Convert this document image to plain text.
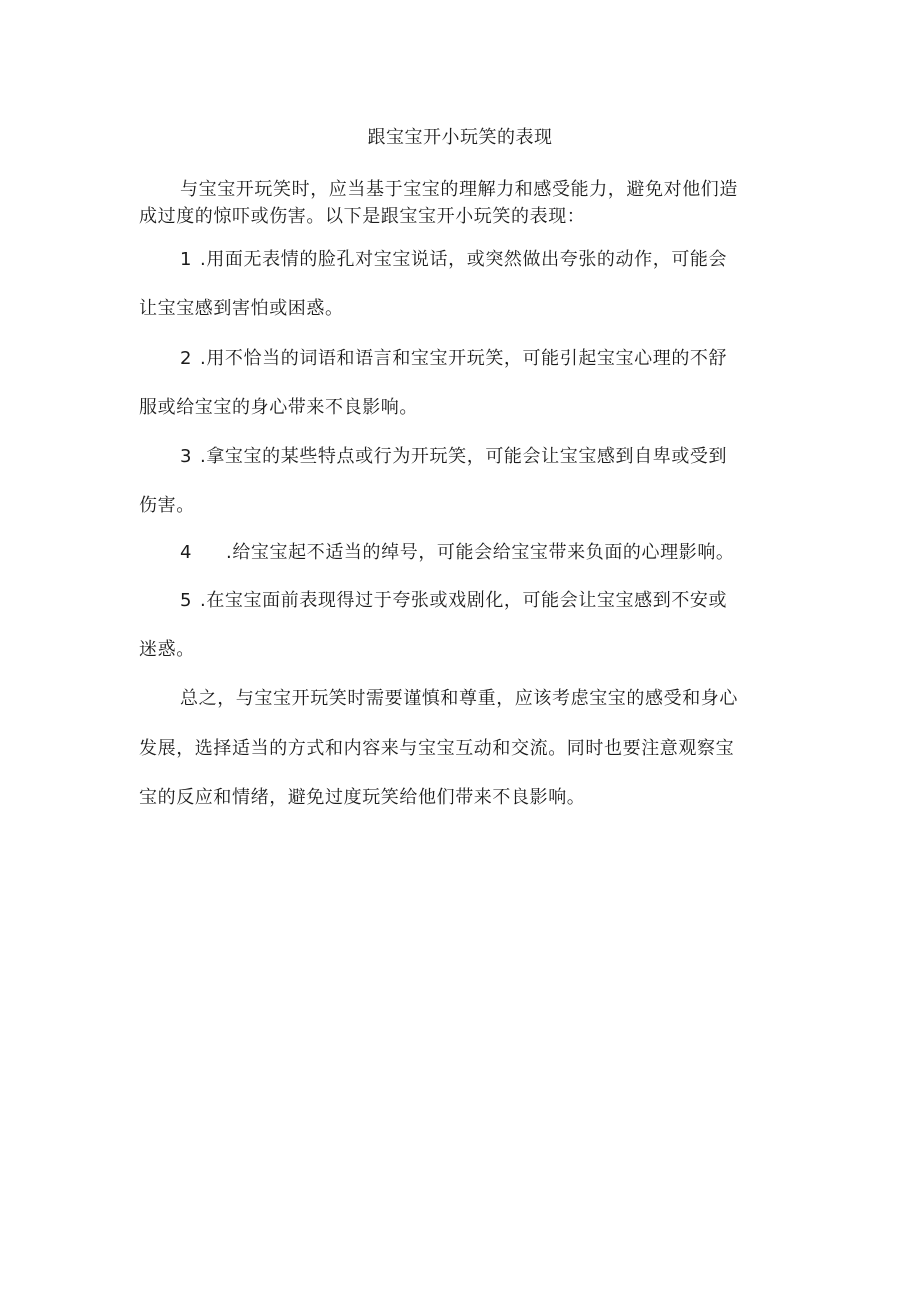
跟宝宝开小玩笑的表现
与宝宝开玩笑时，应当基于宝宝的理解力和感受能力，避免对他们造
成过度的惊吓或伤害。以下是跟宝宝开小玩笑的表现：
1 .用面无表情的脸孔对宝宝说话，或突然做出夸张的动作，可能会
让宝宝感到害怕或困惑。
2 .用不恰当的词语和语言和宝宝开玩笑，可能引起宝宝心理的不舒
服或给宝宝的身心带来不良影响。
3 .拿宝宝的某些特点或行为开玩笑，可能会让宝宝感到自卑或受到
伤害。
4 .给宝宝起不适当的绰号，可能会给宝宝带来负面的心理影响。
5 .在宝宝面前表现得过于夸张或戏剧化，可能会让宝宝感到不安或
迷惑。
总之，与宝宝开玩笑时需要谨慎和尊重，应该考虑宝宝的感受和身心
发展，选择适当的方式和内容来与宝宝互动和交流。同时也要注意观察宝
宝的反应和情绪，避免过度玩笑给他们带来不良影响。
